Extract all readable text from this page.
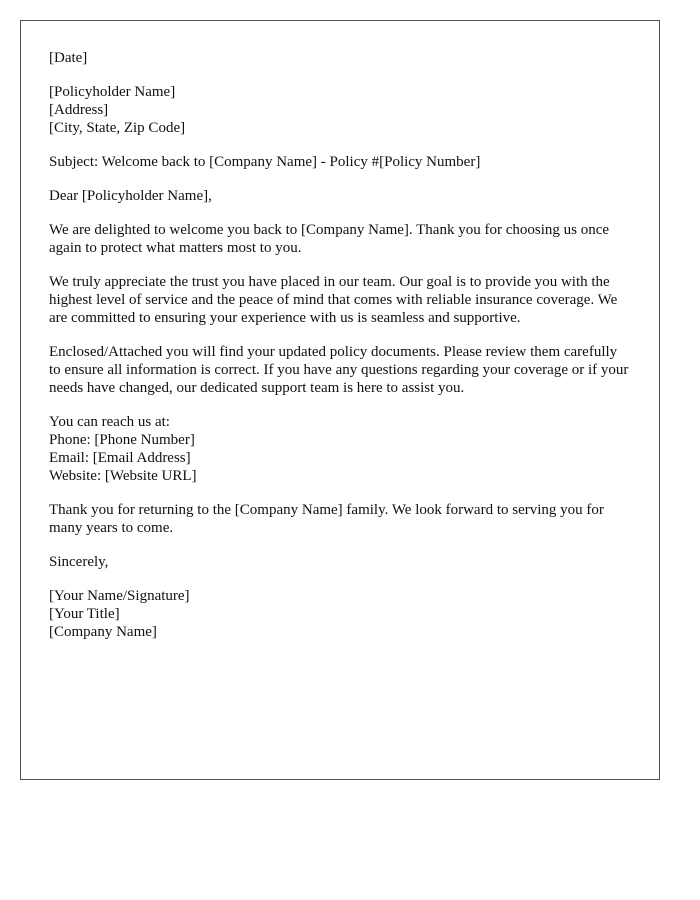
[Date]
[Policyholder Name]
[Address]
[City, State, Zip Code]

Subject: Welcome back to [Company Name] - Policy #[Policy Number]

Dear [Policyholder Name],

We are delighted to welcome you back to [Company Name]. Thank you for choosing us once again to protect what matters most to you.

We truly appreciate the trust you have placed in our team. Our goal is to provide you with the highest level of service and the peace of mind that comes with reliable insurance coverage. We are committed to ensuring your experience with us is seamless and supportive.

Enclosed/Attached you will find your updated policy documents. Please review them carefully to ensure all information is correct. If you have any questions regarding your coverage or if your needs have changed, our dedicated support team is here to assist you.

You can reach us at:
Phone: [Phone Number]
Email: [Email Address]
Website: [Website URL]

Thank you for returning to the [Company Name] family. We look forward to serving you for many years to come.

Sincerely,

[Your Name/Signature]
[Your Title]
[Company Name]
